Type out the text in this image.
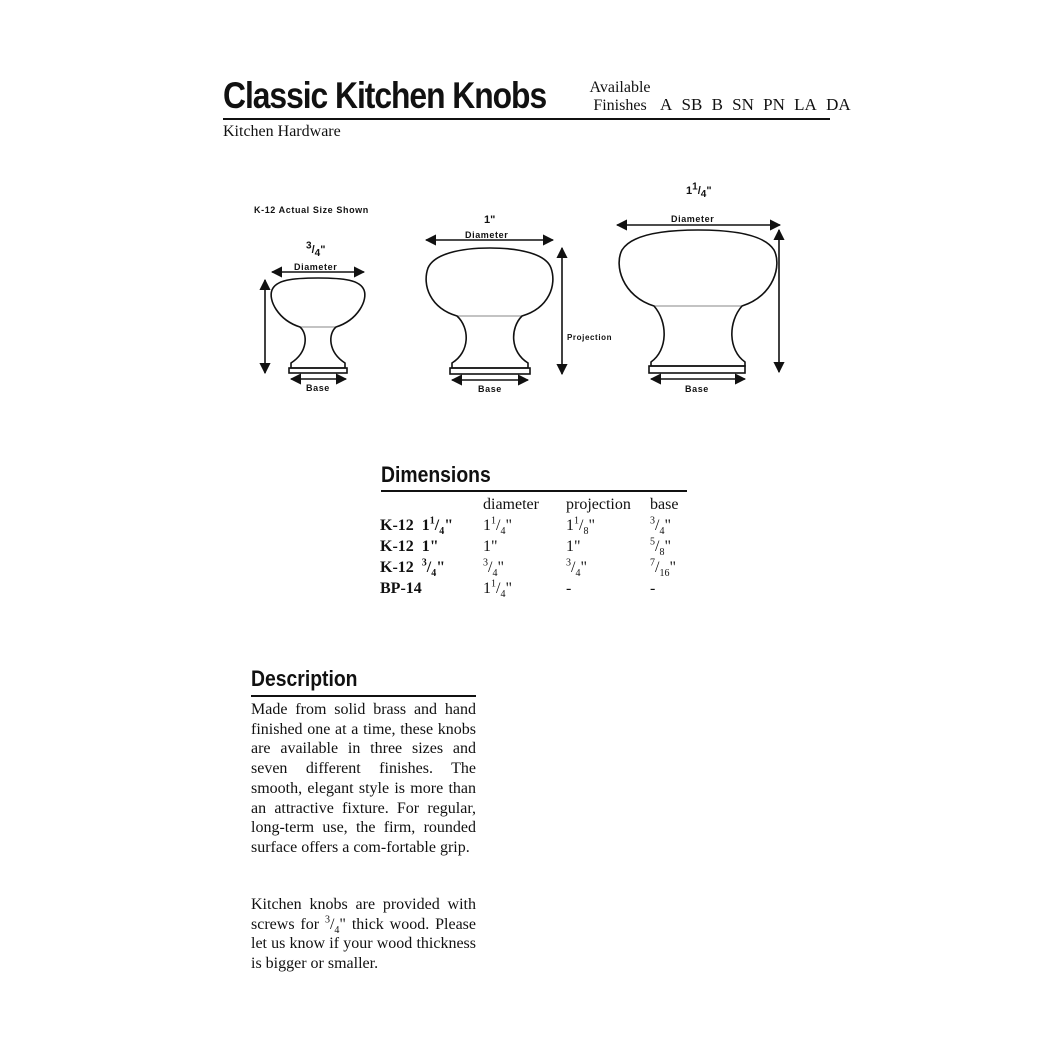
Classic Kitchen Knobs	Available
Finishes A SB B SN PN LA DA
Kitchen Hardware
K-12 Actual Size Shown
$^3/_4$"
Diameter
Base
1"
Diameter
Projection
Base
$1^1/_4$"
Diameter
Base
Dimensions
	diameter	projection	base
K-12 $1^1/_4$"	$1^1/_4$"	$1^1/_8$"	$^3/_4$"
K-12 1"	1"	1"	$^5/_8$"
K-12 $^3/_4$"	$^3/_4$"	$^3/_4$"	$^7/_{16}$"
BP-14	$1^1/_4$"	-	-
Description
Made from solid brass and hand finished one at a time, these knobs are available in three sizes and seven different finishes. The smooth, elegant style is more than an attractive fixture. For regular, long-term use, the firm, rounded surface offers a com-fortable grip.
Kitchen knobs are provided with screws for $^3/_4$" thick wood. Please let us know if your wood thickness is bigger or smaller.
